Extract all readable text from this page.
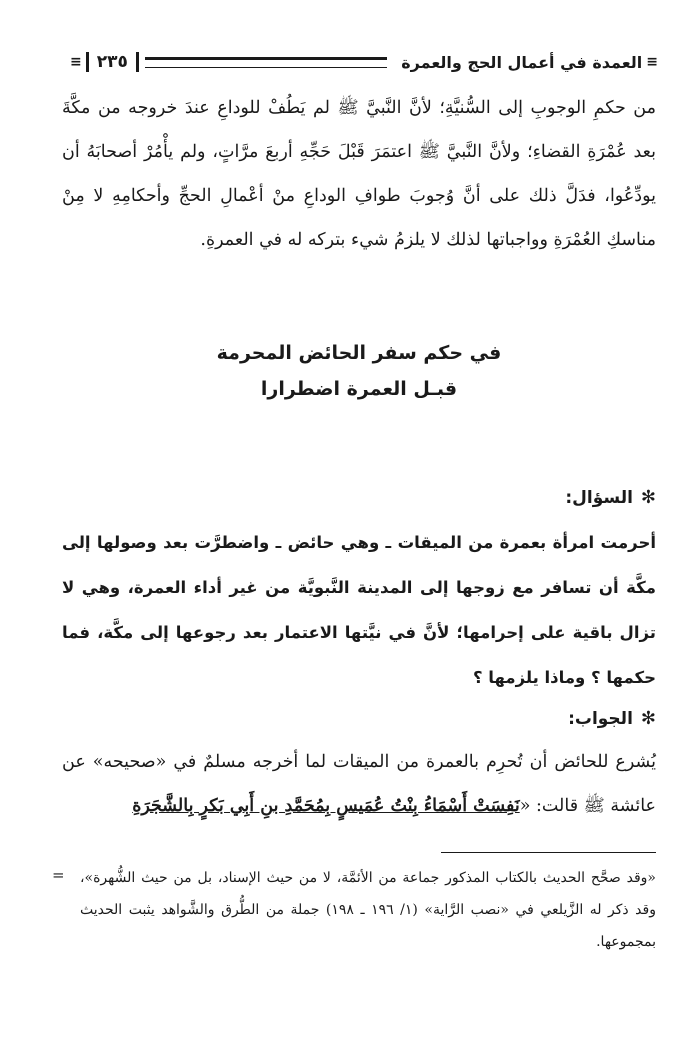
≡
العمدة في أعمال الحج والعمرة
٢٣٥
≡

من حكمِ الوجوبِ إلى السُّنيَّةِ؛ لأنَّ النَّبيَّ ﷺ لم يَطُفْ للوداعِ عندَ خروجه من مكَّةَ بعد عُمْرَةِ القضاءِ؛ ولأنَّ النَّبيَّ ﷺ اعتمَرَ قَبْلَ حَجِّهِ أربعَ مرَّاتٍ، ولم يأْمُرْ أصحابَهُ أن يودِّعُوا، فدَلَّ ذلك على أنَّ وُجوبَ طوافِ الوداعِ منْ أعْمالِ الحجِّ وأحكامِهِ لا مِنْ مناسكِ العُمْرَةِ وواجباتها لذلك لا يلزمُ شيء بتركه له في العمرةِ.

في حكم سفر الحائض المحرمة
قبـل العمرة اضطرارا
✻السؤال:
أحرمت امرأة بعمرة من الميقات ـ وهي حائض ـ واضطرَّت بعد وصولها إلى مكَّة أن تسافر مع زوجها إلى المدينة النَّبويَّة من غير أداء العمرة، وهي لا تزال باقية على إحرامها؛ لأنَّ في نيَّتها الاعتمار بعد رجوعها إلى مكَّة، فما حكمها ؟ وماذا يلزمها ؟
✻الجواب:
يُشرع للحائض أن تُحرِم بالعمرة من الميقات لما أخرجه مسلمٌ في «صحيحه» عن عائشة ﷺ قالت: «نَفِسَتْ أَسْمَاءُ بِنْتُ عُمَيسٍ بِمُحَمَّدِ بنِ أَبِي بَكرٍ بِالشَّجَرَةِ
= «وقد صحَّح الحديث بالكتاب المذكور جماعة من الأئمَّة، لا من حيث الإسناد، بل من حيث الشُّهرة»، وقد ذكر له الزَّيلعي في «نصب الرَّاية» (١/ ١٩٦ ـ ١٩٨) جملة من الطُّرق والشَّواهد يثبت الحديث بمجموعها.
